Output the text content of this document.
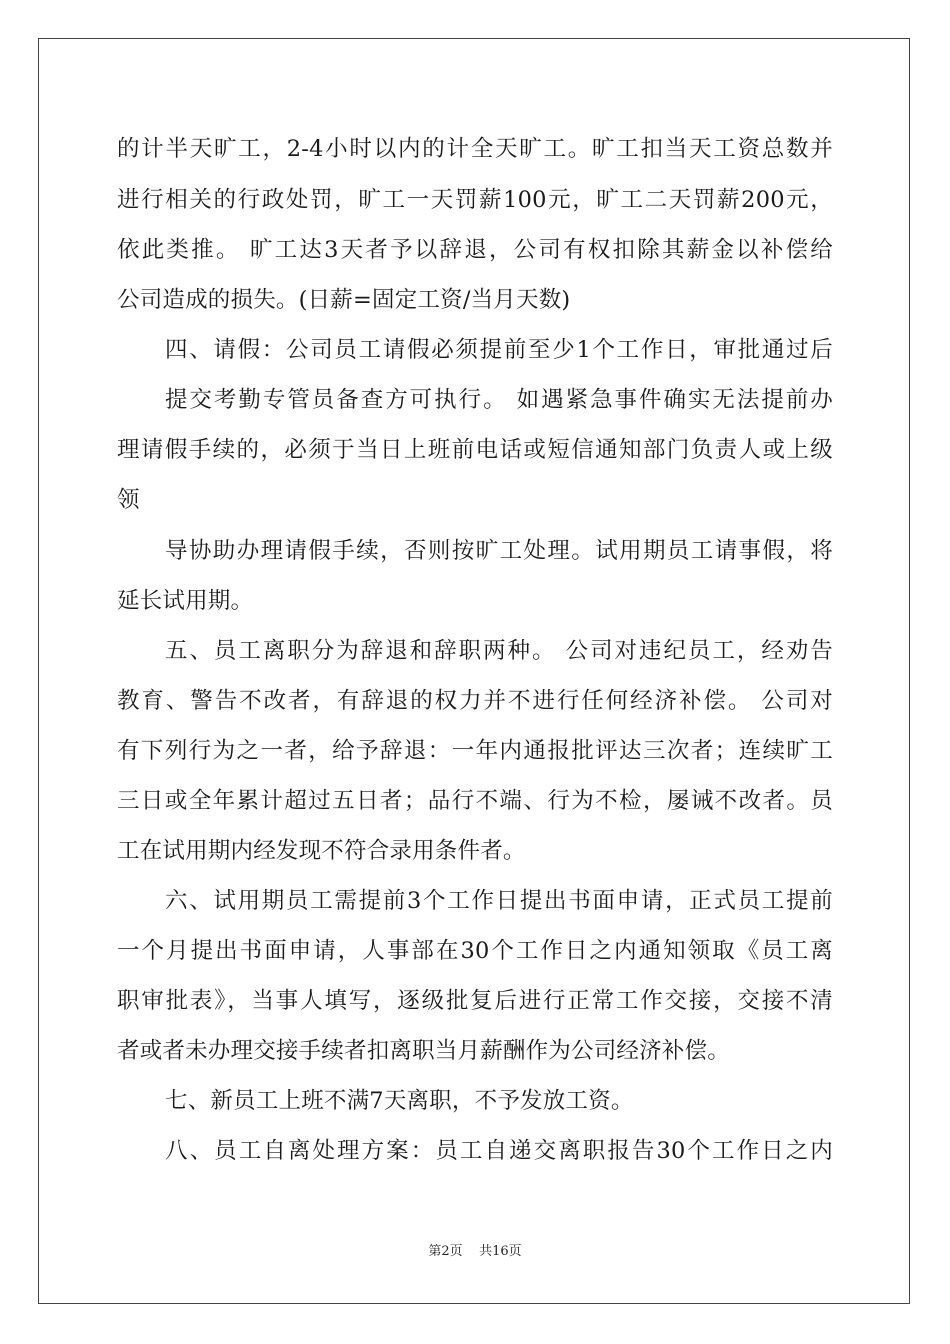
的计半天旷工，2-4小时以内的计全天旷工。旷工扣当天工资总数并
进行相关的行政处罚，旷工一天罚薪100元，旷工二天罚薪200元，
依此类推。 旷工达3天者予以辞退，公司有权扣除其薪金以补偿给
公司造成的损失。(日薪=固定工资/当月天数)
四、请假：公司员工请假必须提前至少1个工作日，审批通过后
提交考勤专管员备查方可执行。 如遇紧急事件确实无法提前办
理请假手续的，必须于当日上班前电话或短信通知部门负责人或上级
领
导协助办理请假手续，否则按旷工处理。试用期员工请事假，将
延长试用期。
五、员工离职分为辞退和辞职两种。 公司对违纪员工，经劝告
教育、警告不改者，有辞退的权力并不进行任何经济补偿。 公司对
有下列行为之一者，给予辞退：一年内通报批评达三次者；连续旷工
三日或全年累计超过五日者；品行不端、行为不检，屡诫不改者。员
工在试用期内经发现不符合录用条件者。
六、试用期员工需提前3个工作日提出书面申请，正式员工提前
一个月提出书面申请，人事部在30个工作日之内通知领取《员工离
职审批表》，当事人填写，逐级批复后进行正常工作交接，交接不清
者或者未办理交接手续者扣离职当月薪酬作为公司经济补偿。
七、新员工上班不满7天离职，不予发放工资。
八、员工自离处理方案：员工自递交离职报告30个工作日之内
第2页 共16页
